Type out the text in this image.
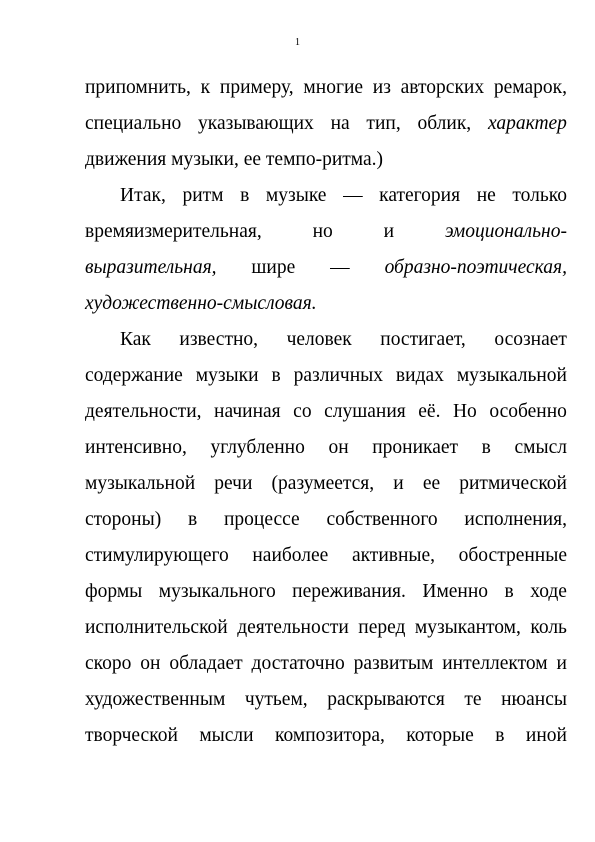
1
припомнить, к примеру, многие из авторских ремарок,
специально указывающих на тип, облик, характер
движения музыки, ее темпо-ритма.)
Итак, ритм в музыке — категория не только
времяизмерительная,	но	и	эмоционально-
выразительная, шире — образно-поэтическая,
художественно-смысловая.
Как известно, человек постигает, осознает
содержание музыки в различных видах музыкальной
деятельности, начиная со слушания её. Но особенно
интенсивно, углубленно он проникает в смысл
музыкальной речи (разумеется, и ее ритмической
стороны) в процессе собственного исполнения,
стимулирующего наиболее активные, обостренные
формы музыкального переживания. Именно в ходе
исполнительской деятельности перед музыкантом, коль
скоро он обладает достаточно развитым интеллектом и
художественным чутьем, раскрываются те нюансы
творческой мысли композитора, которые в иной
